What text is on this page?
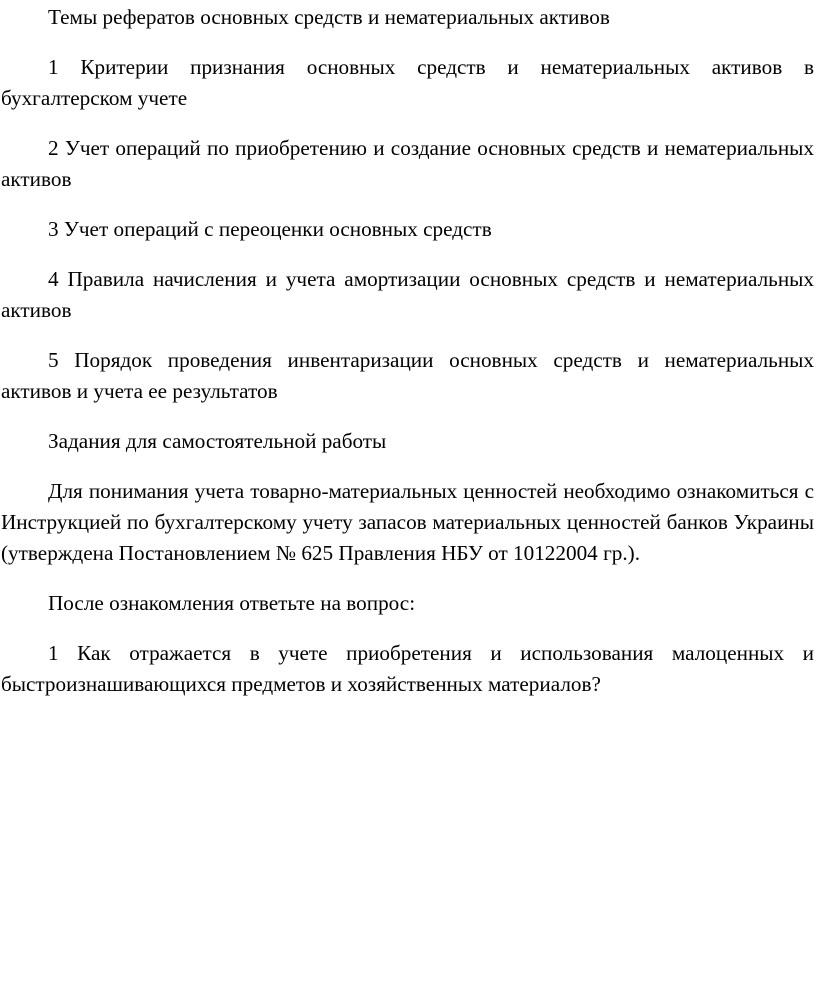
Темы рефератов основных средств и нематериальных активов

1 Критерии признания основных средств и нематериальных активов в бухгалтерском учете

2 Учет операций по приобретению и создание основных средств и нематериальных активов

3 Учет операций с переоценки основных средств

4 Правила начисления и учета амортизации основных средств и нематериальных активов

5 Порядок проведения инвентаризации основных средств и нематериальных активов и учета ее результатов

Задания для самостоятельной работы

Для понимания учета товарно-материальных ценностей необходимо ознакомиться с Инструкцией по бухгалтерскому учету запасов материальных ценностей банков Украины (утверждена Постановлением № 625 Правления НБУ от 10122004 гр.).

После ознакомления ответьте на вопрос:

1 Как отражается в учете приобретения и использования малоценных и быстроизнашивающихся предметов и хозяйственных материалов?
